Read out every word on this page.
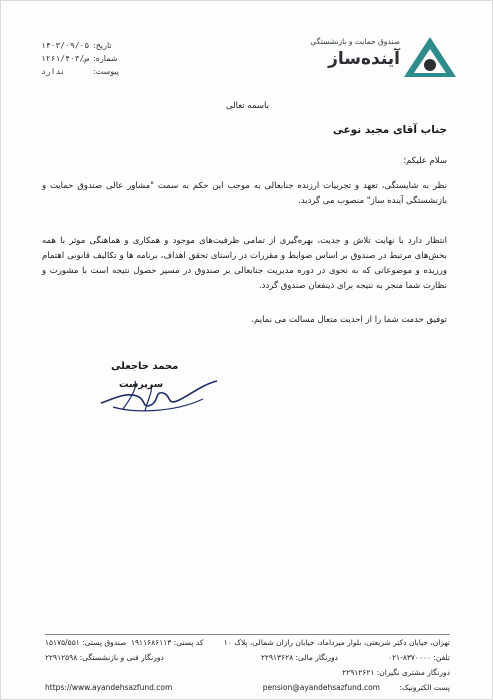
صندوق حمایت و بازنشستگی
آینده‌ساز
تاریخ:
۱۴۰۳/۰۹/۰۵
شماره:
۱۲۶۱/۴۰۳/س
پیوست:
ندارد
باسمه تعالی
جناب آقای مجید نوعی
سلام علیکم؛
نظر به شایستگی، تعهد و تجربیات ارزنده جنابعالی به موجب این حکم به سمت "مشاور عالی صندوق حمایت و بازنشستگی آینده ساز" منصوب می گردید.
انتظار دارد با نهایت تلاش و جدیت، بهره‌گیری از تمامی ظرفیت‌های موجود و همکاری و هماهنگی موثر با همه بخش‌های مرتبط در صندوق بر اساس ضوابط و مقررات در راستای تحقق اهداف، برنامه ها و تکالیف قانونی اهتمام ورزیده و موضوعاتی که به نحوی در دوره مدیریت جنابعالی بر صندوق در مسیر حصول نتیجه است با مشورت و نظارت شما منجر به نتیجه برای ذینفعان صندوق گردد.
توفیق خدمت شما را از احدیت متعال مسالت می نمایم.
محمد حاجعلی
سرپرست
تهران، خیابان دکتر شریعتی، بلوار میرداماد، خیابان رازان شمالی، پلاک ۱۰
صندوق پستی: ۱۵۱۷۵/۵۵۱ کد پستی: ۱۹۱۱۶۸۶۱۱۳
تلفن: ۸۳۷۰۰۰۰-۰۲۱
دورنگار مالی: ۲۲۹۱۳۶۲۸
دورنگار فنی و بازنشستگی: ۲۲۹۱۲۵۹۸
دورنگار مشتری نگیران: ۲۲۹۱۲۶۲۱
پست الکترونیک:
pension@ayandehsazfund.com
https://www.ayandehsazfund.com
